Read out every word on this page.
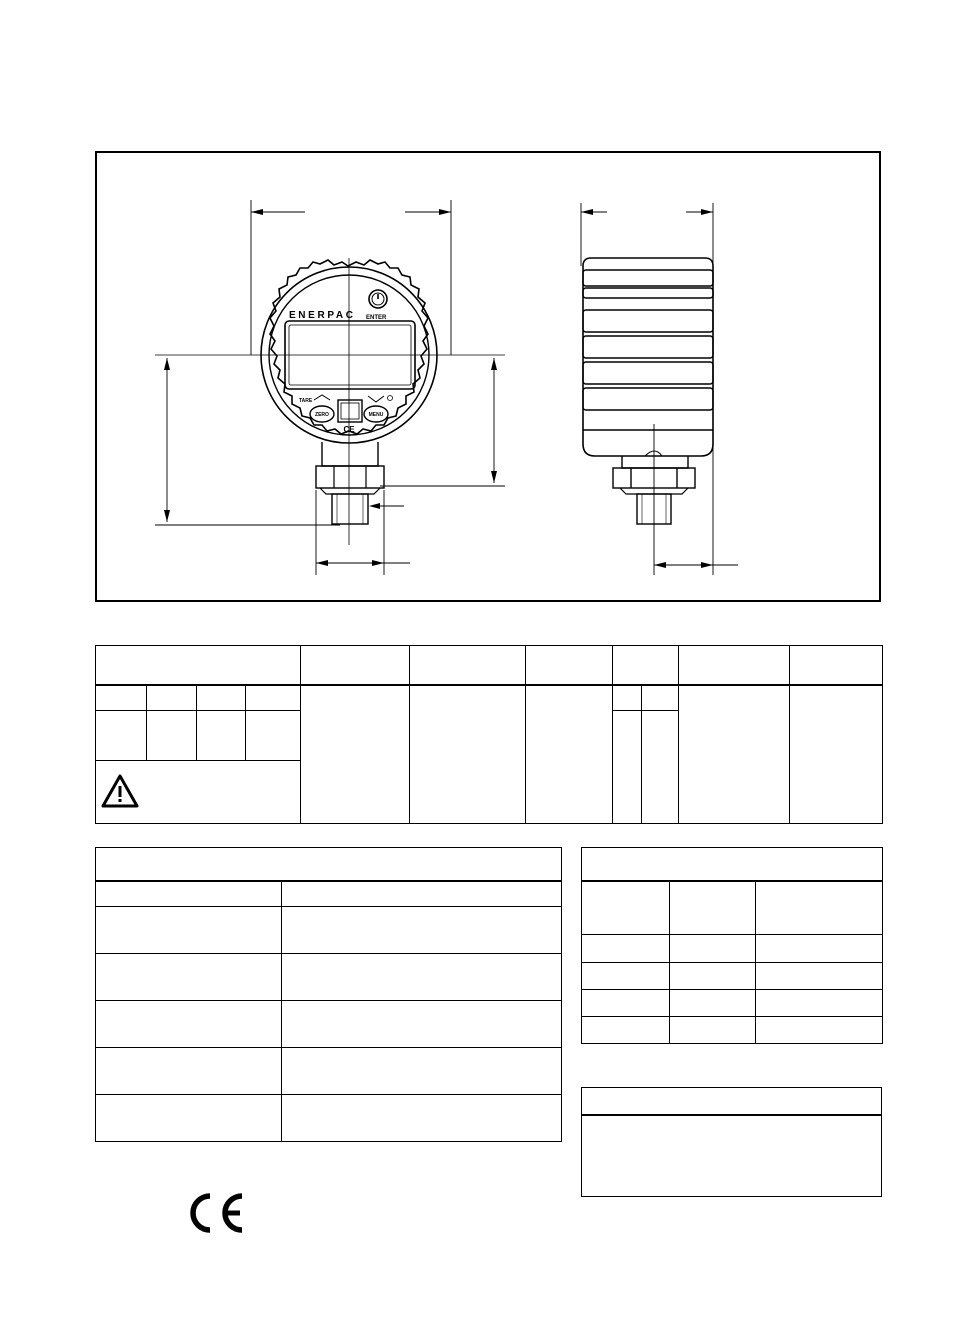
ENERPAC ENTER
TARE
ZERO	MENU
CE
